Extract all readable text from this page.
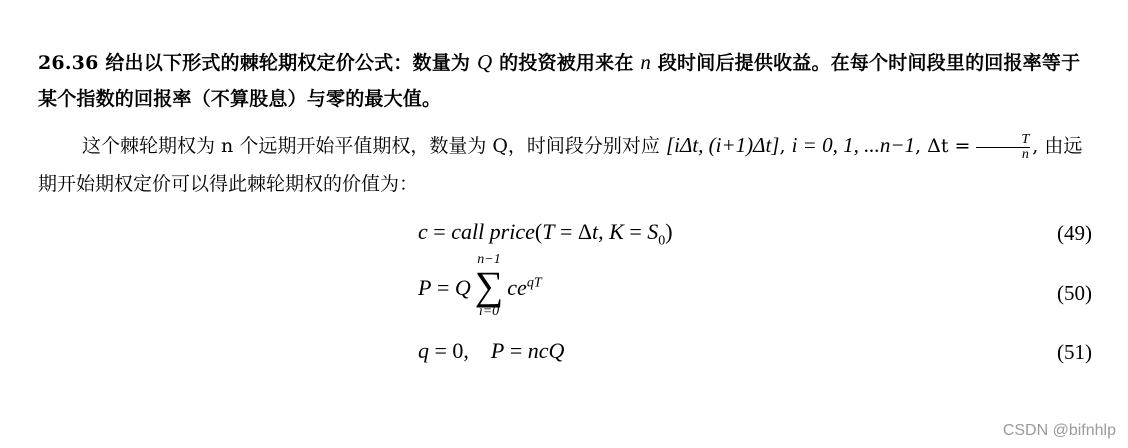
26.36 给出以下形式的棘轮期权定价公式：数量为 Q 的投资被用来在 n 段时间后提供收益。在每个时间段里的回报率等于某个指数的回报率（不算股息）与零的最大值。
这个棘轮期权为 n 个远期开始平值期权，数量为 Q，时间段分别对应 [iΔt, (i+1)Δt], i = 0, 1, ...n−1, $\Delta t = \frac{T}{n}$ , 由远期开始期权定价可以得此棘轮期权的价值为：
c = call price(T = Δt, $K = S_0$)	(49)
P = Q
n−1
∑
i=0
$ce^{qT}$	(50)
q = 0,    P = ncQ	(51)
CSDN @bifnhlp
